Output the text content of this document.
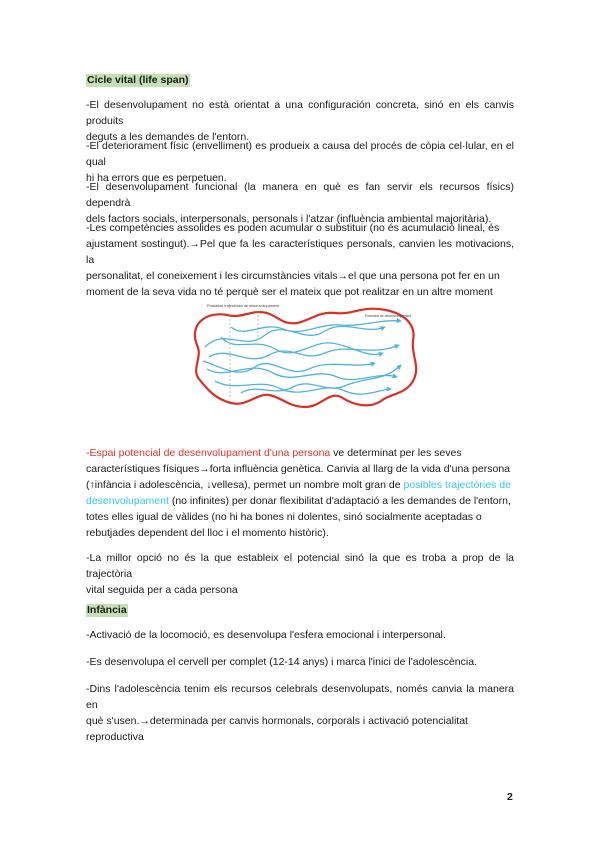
Cicle vital (life span)
-El desenvolupament no està orientat a una configuración concreta, sinó en els canvis produits
deguts a les demandes de l'entorn.
-El deteriorament físic (envelliment) es produeix a causa del procés de còpia cel·lular, en el qual
hi ha errors que es perpetuen.
-El desenvolupament funcional (la manera en què es fan servir els recursos físics) dependrà
dels factors socials, interpersonals, personals i l'atzar (influència ambiental majoritària).
-Les competències assolides es poden acumular o substituir (no és acumulació lineal, és
ajustament sostingut).→Pel que fa les característiques personals, canvien les motivacions, la
personalitat, el coneixement i les circumstàncies vitals→el que una persona pot fer en un
moment de la seva vida no té perquè ser el mateix que pot realitzar en un altre moment
Possibles trajectòries de desenvolupament
Potencial de desenvolupament
-Espai potencial de desenvolupament d'una persona ve determinat per les seves
característiques físiques→forta influència genètica. Canvia al llarg de la vida d'una persona
(↑infància i adolescència, ↓vellesa), permet un nombre molt gran de posibles trajectòries de
desenvolupament (no infinites) per donar flexibilitat d'adaptació a les demandes de l'entorn,
totes elles igual de vàlides (no hi ha bones ni dolentes, sinó socialmente aceptadas o
rebutjades dependent del lloc i el momento històric).
-La millor opció no és la que estableix el potencial sinó la que es troba a prop de la trajectòria
vital seguida per a cada persona
Infància
-Activació de la locomoció, es desenvolupa l'esfera emocional i interpersonal.
-Es desenvolupa el cervell per complet (12-14 anys) i marca l'inici de l'adolescència.
-Dins l'adolescència tenim els recursos celebrals desenvolupats, només canvia la manera en
què s'usen.→determinada per canvis hormonals, corporals i activació potencialitat
reproductiva
2
